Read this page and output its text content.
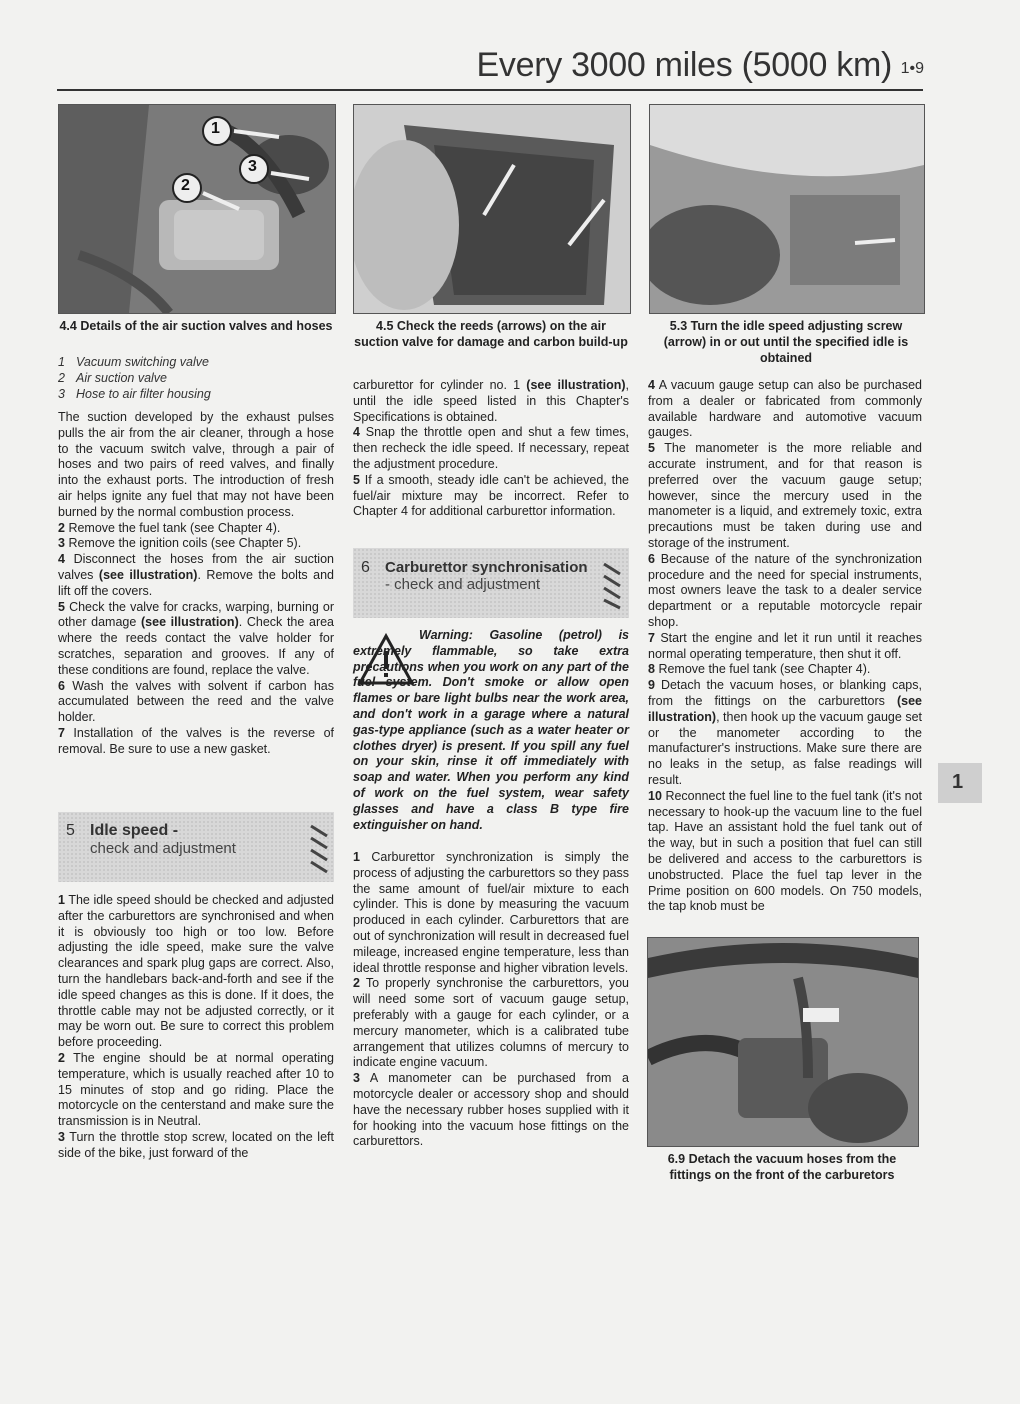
Every 3000 miles (5000 km) 1•9
1
3
2
4.4 Details of the air suction valves and hoses	4.5 Check the reeds (arrows) on the air suction valve for damage and carbon build-up
5.3 Turn the idle speed adjusting screw (arrow) in or out until the specified idle is obtained
1 Vacuum switching valve
2 Air suction valve
3 Hose to air filter housing

The suction developed by the exhaust pulses pulls the air from the air cleaner, through a hose to the vacuum switch valve, through a pair of hoses and two pairs of reed valves, and finally into the exhaust ports. The introduction of fresh air helps ignite any fuel that may not have been burned by the normal combustion process.

2 Remove the fuel tank (see Chapter 4).

3 Remove the ignition coils (see Chapter 5).

4 Disconnect the hoses from the air suction valves (see illustration). Remove the bolts and lift off the covers.

5 Check the valve for cracks, warping, burning or other damage (see illustration). Check the area where the reeds contact the valve holder for scratches, separation and grooves. If any of these conditions are found, replace the valve.

6 Wash the valves with solvent if carbon has accumulated between the reed and the valve holder.

7 Installation of the valves is the reverse of removal. Be sure to use a new gasket.

5 Idle speed -
check and adjustment

1 The idle speed should be checked and adjusted after the carburettors are synchronised and when it is obviously too high or too low. Before adjusting the idle speed, make sure the valve clearances and spark plug gaps are correct. Also, turn the handlebars back-and-forth and see if the idle speed changes as this is done. If it does, the throttle cable may not be adjusted correctly, or it may be worn out. Be sure to correct this problem before proceeding.

2 The engine should be at normal operating temperature, which is usually reached after 10 to 15 minutes of stop and go riding. Place the motorcycle on the centerstand and make sure the transmission is in Neutral.

3 Turn the throttle stop screw, located on the left side of the bike, just forward of the

carburettor for cylinder no. 1 (see illustration), until the idle speed listed in this Chapter's Specifications is obtained.

4 Snap the throttle open and shut a few times, then recheck the idle speed. If necessary, repeat the adjustment procedure.

5 If a smooth, steady idle can't be achieved, the fuel/air mixture may be incorrect. Refer to Chapter 4 for additional carburettor information.

6 Carburettor synchronisation
- check and adjustment
Warning: Gasoline (petrol) is extremely flammable, so take extra precautions when you work on any part of the fuel system. Don't smoke or allow open flames or bare light bulbs near the work area, and don't work in a garage where a natural gas-type appliance (such as a water heater or clothes dryer) is present. If you spill any fuel on your skin, rinse it off immediately with soap and water. When you perform any kind of work on the fuel system, wear safety glasses and have a class B type fire extinguisher on hand.

1 Carburettor synchronization is simply the process of adjusting the carburettors so they pass the same amount of fuel/air mixture to each cylinder. This is done by measuring the vacuum produced in each cylinder. Carburettors that are out of synchronization will result in decreased fuel mileage, increased engine temperature, less than ideal throttle response and higher vibration levels.

2 To properly synchronise the carburettors, you will need some sort of vacuum gauge setup, preferably with a gauge for each cylinder, or a mercury manometer, which is a calibrated tube arrangement that utilizes columns of mercury to indicate engine vacuum.

3 A manometer can be purchased from a motorcycle dealer or accessory shop and should have the necessary rubber hoses supplied with it for hooking into the vacuum hose fittings on the carburettors.

4 A vacuum gauge setup can also be purchased from a dealer or fabricated from commonly available hardware and automotive vacuum gauges.

5 The manometer is the more reliable and accurate instrument, and for that reason is preferred over the vacuum gauge setup; however, since the mercury used in the manometer is a liquid, and extremely toxic, extra precautions must be taken during use and storage of the instrument.

6 Because of the nature of the synchronization procedure and the need for special instruments, most owners leave the task to a dealer service department or a reputable motorcycle repair shop.

7 Start the engine and let it run until it reaches normal operating temperature, then shut it off.

8 Remove the fuel tank (see Chapter 4).

9 Detach the vacuum hoses, or blanking caps, from the fittings on the carburettors (see illustration), then hook up the vacuum gauge set or the manometer according to the manufacturer's instructions. Make sure there are no leaks in the setup, as false readings will result.

10 Reconnect the fuel line to the fuel tank (it's not necessary to hook-up the vacuum line to the fuel tap. Have an assistant hold the fuel tank out of the way, but in such a position that fuel can still be delivered and access to the carburettors is unobstructed. Place the fuel tap lever in the Prime position on 600 models. On 750 models, the tap knob must be

6.9 Detach the vacuum hoses from the fittings on the front of the carburetors
1
